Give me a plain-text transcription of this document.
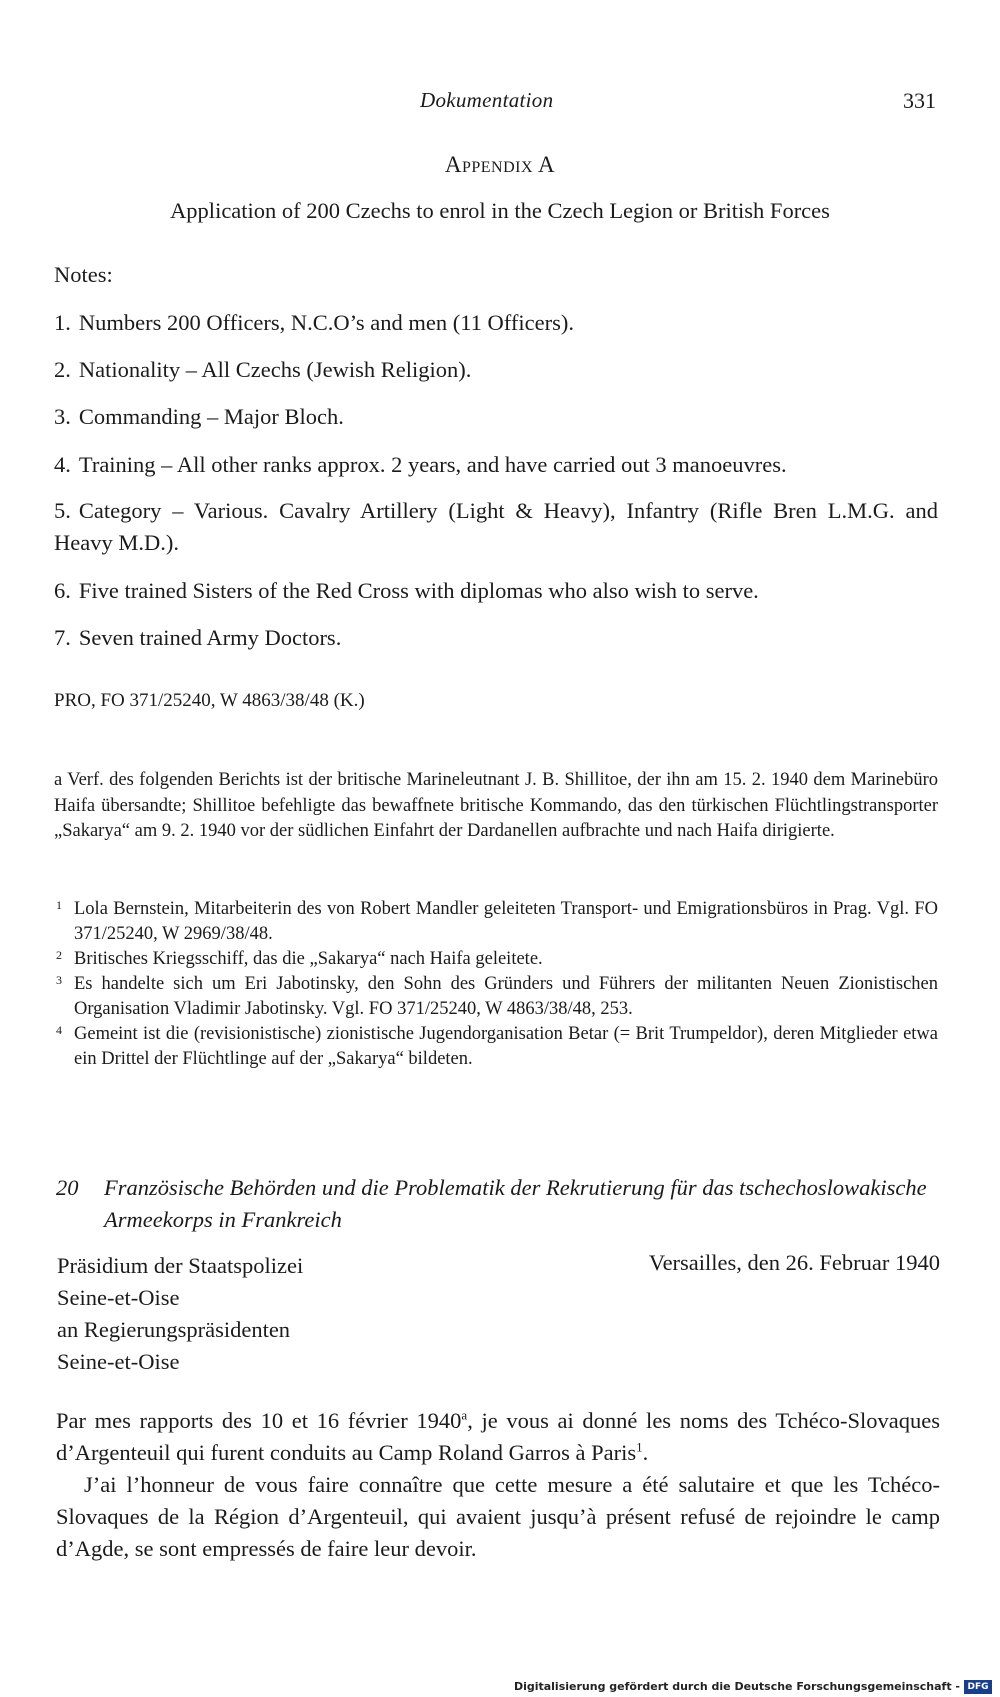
Dokumentation	331
Appendix A
Application of 200 Czechs to enrol in the Czech Legion or British Forces
Notes:
1. Numbers 200 Officers, N.C.O’s and men (11 Officers).
2. Nationality – All Czechs (Jewish Religion).
3. Commanding – Major Bloch.
4. Training – All other ranks approx. 2 years, and have carried out 3 manoeuvres.
5. Category – Various. Cavalry Artillery (Light & Heavy), Infantry (Rifle Bren L.M.G. and Heavy M.D.).
6. Five trained Sisters of the Red Cross with diplomas who also wish to serve.
7. Seven trained Army Doctors.
PRO, FO 371/25240, W 4863/38/48 (K.)
a Verf. des folgenden Berichts ist der britische Marineleutnant J. B. Shillitoe, der ihn am 15. 2. 1940 dem Marinebüro Haifa übersandte; Shillitoe befehligte das bewaffnete britische Kommando, das den türkischen Flüchtlingstransporter „Sakarya“ am 9. 2. 1940 vor der südlichen Einfahrt der Dardanellen aufbrachte und nach Haifa dirigierte.
1 Lola Bernstein, Mitarbeiterin des von Robert Mandler geleiteten Transport- und Emigrationsbüros in Prag. Vgl. FO 371/25240, W 2969/38/48.
2 Britisches Kriegsschiff, das die „Sakarya“ nach Haifa geleitete.
3 Es handelte sich um Eri Jabotinsky, den Sohn des Gründers und Führers der militanten Neuen Zionistischen Organisation Vladimir Jabotinsky. Vgl. FO 371/25240, W 4863/38/48, 253.
4 Gemeint ist die (revisionistische) zionistische Jugendorganisation Betar (= Brit Trumpeldor), deren Mitglieder etwa ein Drittel der Flüchtlinge auf der „Sakarya“ bildeten.
20	Französische Behörden und die Problematik der Rekrutierung für das tschechoslowakische Armeekorps in Frankreich
Präsidium der Staatspolizei
Seine-et-Oise
an Regierungspräsidenten
Seine-et-Oise
Versailles, den 26. Februar 1940

Par mes rapports des 10 et 16 février 1940$^a$, je vous ai donné les noms des Tchéco-Slovaques d’Argenteuil qui furent conduits au Camp Roland Garros à Paris$^1$.

J’ai l’honneur de vous faire connaître que cette mesure a été salutaire et que les Tchéco-Slovaques de la Région d’Argenteuil, qui avaient jusqu’à présent refusé de rejoindre le camp d’Agde, se sont empressés de faire leur devoir.

Digitalisierung gefördert durch die Deutsche Forschungsgemeinschaft - DFG
